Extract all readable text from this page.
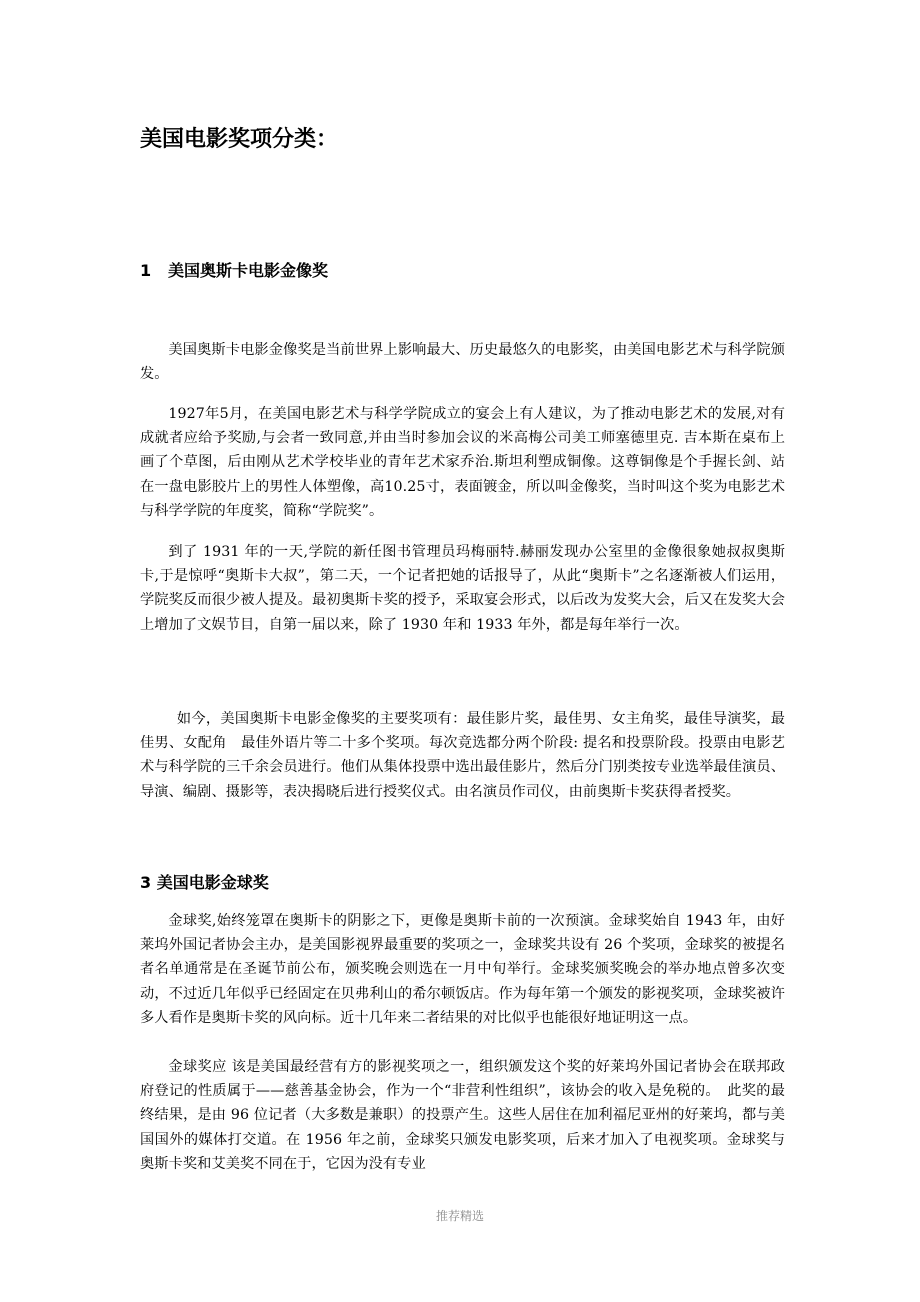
美国电影奖项分类：
1 美国奥斯卡电影金像奖

美国奥斯卡电影金像奖是当前世界上影响最大、历史最悠久的电影奖，由美国电影艺术与科学院颁发。

1927年5月，在美国电影艺术与科学学院成立的宴会上有人建议，为了推动电影艺术的发展,对有成就者应给予奖励,与会者一致同意,并由当时参加会议的米高梅公司美工师塞德里克. 吉本斯在桌布上画了个草图，后由刚从艺术学校毕业的青年艺术家乔治.斯坦利塑成铜像。这尊铜像是个手握长剑、站在一盘电影胶片上的男性人体塑像，高10.25寸，表面镀金，所以叫金像奖，当时叫这个奖为电影艺术与科学学院的年度奖，简称“学院奖”。

到了 1931 年的一天,学院的新任图书管理员玛梅丽特.赫丽发现办公室里的金像很象她叔叔奥斯卡,于是惊呼“奥斯卡大叔”，第二天，一个记者把她的话报导了，从此“奥斯卡”之名逐渐被人们运用，学院奖反而很少被人提及。最初奥斯卡奖的授予，采取宴会形式，以后改为发奖大会，后又在发奖大会上增加了文娱节目，自第一届以来，除了 1930 年和 1933 年外，都是每年举行一次。

如今，美国奥斯卡电影金像奖的主要奖项有：最佳影片奖，最佳男、女主角奖，最佳导演奖，最佳男、女配角　最佳外语片等二十多个奖项。每次竞选都分两个阶段: 提名和投票阶段。投票由电影艺术与科学院的三千余会员进行。他们从集体投票中选出最佳影片，然后分门别类按专业选举最佳演员、导演、编剧、摄影等，表决揭晓后进行授奖仪式。由名演员作司仪，由前奥斯卡奖获得者授奖。

3 美国电影金球奖

金球奖,始终笼罩在奥斯卡的阴影之下，更像是奥斯卡前的一次预演。金球奖始自 1943 年，由好莱坞外国记者协会主办，是美国影视界最重要的奖项之一，金球奖共设有 26 个奖项，金球奖的被提名者名单通常是在圣诞节前公布，颁奖晚会则选在一月中旬举行。金球奖颁奖晚会的举办地点曾多次变动，不过近几年似乎已经固定在贝弗利山的希尔顿饭店。作为每年第一个颁发的影视奖项，金球奖被许多人看作是奥斯卡奖的风向标。近十几年来二者结果的对比似乎也能很好地证明这一点。

金球奖应 该是美国最经营有方的影视奖项之一，组织颁发这个奖的好莱坞外国记者协会在联邦政府登记的性质属于——慈善基金协会，作为一个“非营利性组织”，该协会的收入是免税的。　此奖的最终结果，是由 96 位记者（大多数是兼职）的投票产生。这些人居住在加利福尼亚州的好莱坞，都与美国国外的媒体打交道。在 1956 年之前，金球奖只颁发电影奖项，后来才加入了电视奖项。金球奖与奥斯卡奖和艾美奖不同在于，它因为没有专业

推荐精选
